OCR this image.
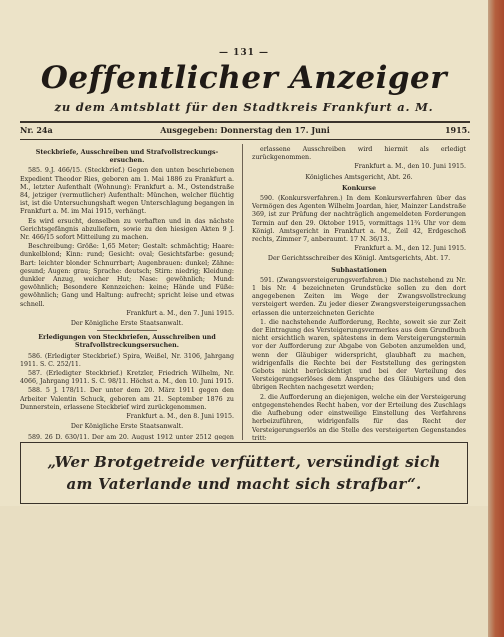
— 131 —
Oeffentlicher Anzeiger
zu dem Amtsblatt für den Stadtkreis Frankfurt a. M.
Nr. 24a	Ausgegeben: Donnerstag den 17. Juni	1915.

Steckbriefe, Ausschreiben und Strafvollstreckungs-ersuchen.

585. 9.J. 466/15. (Steckbrief.) Gegen den unten beschriebenen Expedient Theodor Ries, geboren am 1. Mai 1886 zu Frankfurt a. M., letzter Aufenthalt (Wohnung): Frankfurt a. M., Ostendstraße 84, jetziger (vermutlicher) Aufenthalt: München, welcher flüchtig ist, ist die Untersuchungshaft wegen Unterschlagung begangen in Frankfurt a. M. im Mai 1915, verhängt.

Es wird ersucht, denselben zu verhaften und in das nächste Gerichtsgefängnis abzuliefern, sowie zu den hiesigen Akten 9 J. Nr. 466/15 sofort Mitteilung zu machen.

Beschreibung: Größe: 1,65 Meter; Gestalt: schmächtig; Haare: dunkelblond; Kinn: rund; Gesicht: oval; Gesichtsfarbe: gesund; Bart: leichter blonder Schnurrbart; Augenbrauen: dunkel; Zähne: gesund; Augen: grau; Sprache: deutsch; Stirn: niedrig; Kleidung: dunkler Anzug, weicher Hut; Nase: gewöhnlich; Mund: gewöhnlich; Besondere Kennzeichen: keine; Hände und Füße: gewöhnlich; Gang und Haltung: aufrecht; spricht leise und etwas schnell.

Frankfurt a. M., den 7. Juni 1915.

Der Königliche Erste Staatsanwalt.

Erledigungen von Steckbriefen, Ausschreiben und Strafvollstreckungsersuchen.

586. (Erledigter Steckbrief.) Spira, Weißel, Nr. 3106, Jahrgang 1911. S. C. 252/11.

587. (Erledigter Steckbrief.) Kretzler, Friedrich Wilhelm, Nr. 4066, Jahrgang 1911. S. C. 98/11. Höchst a. M., den 10. Juni 1915.

588. 5 J. 178/11. Der unter dem 20. März 1911 gegen den Arbeiter Valentin Schuck, geboren am 21. September 1876 zu Dunnerstein, erlassene Steckbrief wird zurückgenommen.

Frankfurt a. M., den 8. Juni 1915.

Der Königliche Erste Staatsanwalt.

589. 26 D. 630/11. Der am 20. August 1912 unter 2512 gegen

erlassene Ausschreiben wird hiermit als erledigt zurückgenommen.

Frankfurt a. M., den 10. Juni 1915.

Königliches Amtsgericht, Abt. 26.

Konkurse

590. (Konkursverfahren.) In dem Konkursverfahren über das Vermögen des Agenten Wilhelm Joardan, hier, Mainzer Landstraße 369, ist zur Prüfung der nachträglich angemeldeten Forderungen Termin auf den 29. Oktober 1915, vormittags 11¾ Uhr vor dem Königl. Amtsgericht in Frankfurt a. M., Zeil 42, Erdgeschoß rechts, Zimmer 7, anberaumt. 17 N. 36/13.

Frankfurt a. M., den 12. Juni 1915.

Der Gerichtsschreiber des Königl. Amtsgerichts, Abt. 17.

Subhastationen

591. (Zwangsversteigerungsverfahren.) Die nachstehend zu Nr. 1 bis Nr. 4 bezeichneten Grundstücke sollen zu den dort angegebenen Zeiten im Wege der Zwangsvollstreckung versteigert werden. Zu jeder dieser Zwangsversteigerungssachen erlassen die unterzeichneten Gerichte

1. die nachstehende Aufforderung, Rechte, soweit sie zur Zeit der Eintragung des Versteigerungsvermerkes aus dem Grundbuch nicht ersichtlich waren, spätestens in dem Versteigerungstermin vor der Aufforderung zur Abgabe von Geboten anzumelden und, wenn der Gläubiger widerspricht, glaubhaft zu machen, widrigenfalls die Rechte bei der Feststellung des geringsten Gebots nicht berücksichtigt und bei der Verteilung des Versteigerungserlöses dem Anspruche des Gläubigers und den übrigen Rechten nachgesetzt werden;

2. die Aufforderung an diejenigen, welche ein der Versteigerung entgegenstehendes Recht haben, vor der Erteilung des Zuschlags die Aufhebung oder einstweilige Einstellung des Verfahrens herbeizuführen, widrigenfalls für das Recht der Versteigerungserlös an die Stelle des versteigerten Gegenstandes tritt;

„Wer Brotgetreide verfüttert, versündigt sich
am Vaterlande und macht sich strafbar“.
